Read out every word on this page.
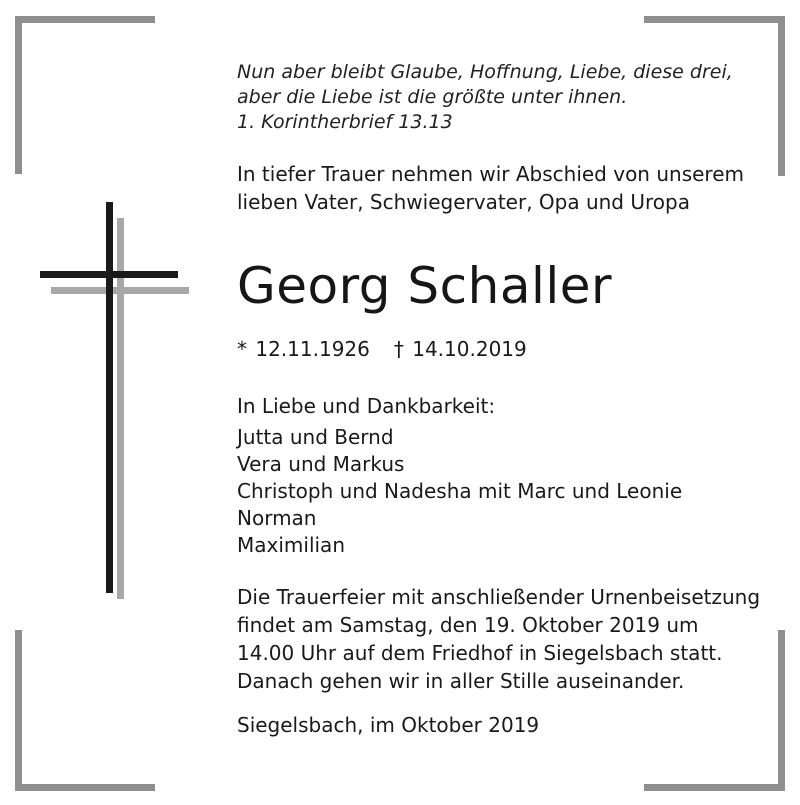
Nun aber bleibt Glaube, Hoffnung, Liebe, diese drei,
aber die Liebe ist die größte unter ihnen.
1. Korintherbrief 13.13
In tiefer Trauer nehmen wir Abschied von unserem
lieben Vater, Schwiegervater, Opa und Uropa
Georg Schaller
* 12.11.1926 † 14.10.2019
In Liebe und Dankbarkeit:
Jutta und Bernd
Vera und Markus
Christoph und Nadesha mit Marc und Leonie
Norman
Maximilian
Die Trauerfeier mit anschließender Urnenbeisetzung
findet am Samstag, den 19. Oktober 2019 um
14.00 Uhr auf dem Friedhof in Siegelsbach statt.
Danach gehen wir in aller Stille auseinander.
Siegelsbach, im Oktober 2019
